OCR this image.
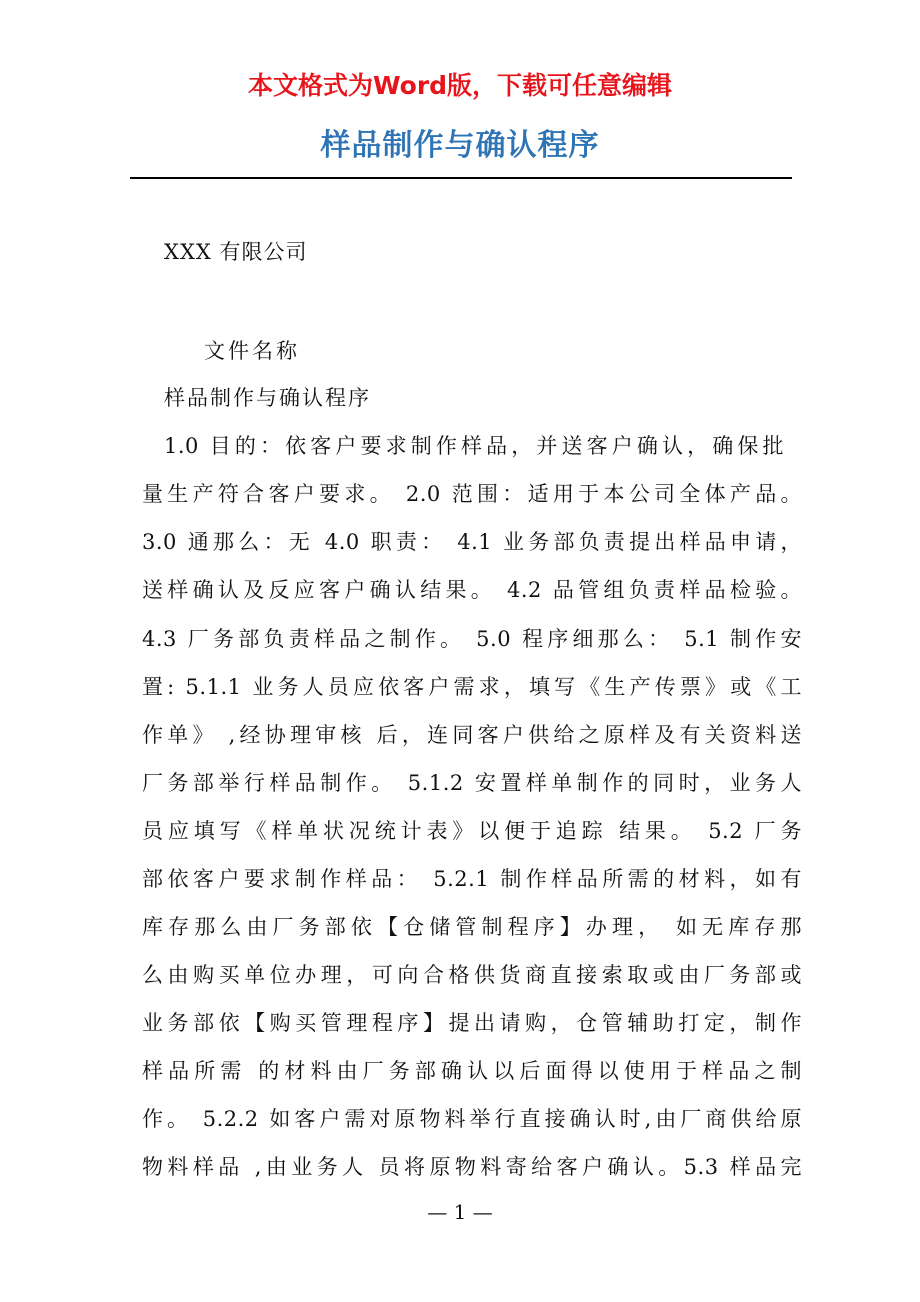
本文格式为Word版，下载可任意编辑
样品制作与确认程序
XXX 有限公司
文件名称
样品制作与确认程序
1.0 目的：依客户要求制作样品，并送客户确认，确保批
量生产符合客户要求。 2.0 范围：适用于本公司全体产品。
3.0 通那么：无 4.0 职责： 4.1 业务部负责提出样品申请，
送样确认及反应客户确认结果。 4.2 品管组负责样品检验。
4.3 厂务部负责样品之制作。 5.0 程序细那么： 5.1 制作安
置: 5.1.1 业务人员应依客户需求，填写《生产传票》或《工
作单》 ,经协理审核 后，连同客户供给之原样及有关资料送
厂务部举行样品制作。 5.1.2 安置样单制作的同时，业务人
员应填写《样单状况统计表》以便于追踪 结果。 5.2 厂务
部依客户要求制作样品： 5.2.1 制作样品所需的材料，如有
库存那么由厂务部依【仓储管制程序】办理， 如无库存那
么由购买单位办理，可向合格供货商直接索取或由厂务部或
业务部依【购买管理程序】提出请购，仓管辅助打定，制作
样品所需 的材料由厂务部确认以后面得以使用于样品之制
作。 5.2.2 如客户需对原物料举行直接确认时,由厂商供给原
物料样品 ,由业务人 员将原物料寄给客户确认。5.3 样品完
— 1 —
